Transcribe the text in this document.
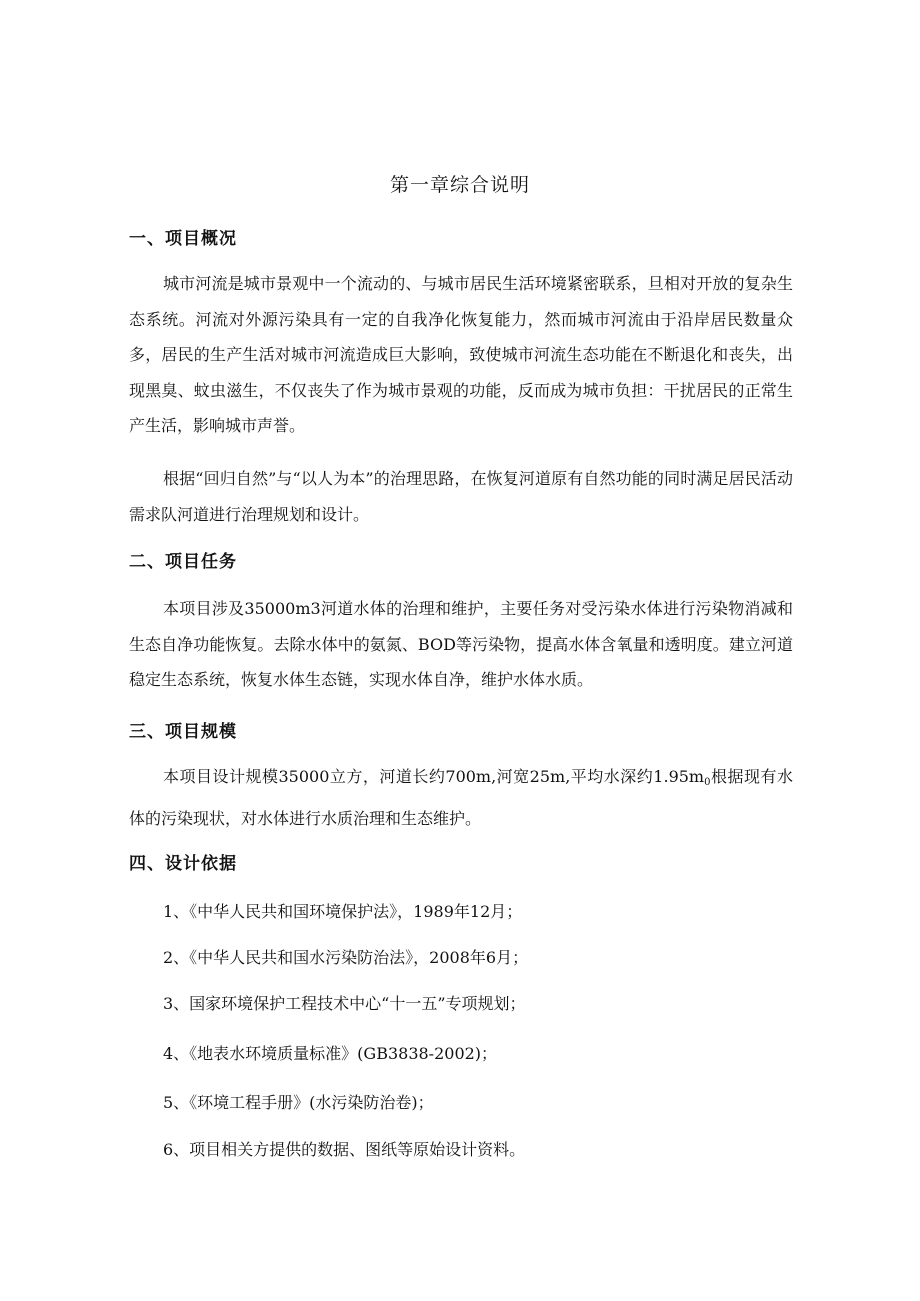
第一章综合说明
一、项目概况

城市河流是城市景观中一个流动的、与城市居民生活环境紧密联系，旦相对开放的复杂生态系统。河流对外源污染具有一定的自我净化恢复能力，然而城市河流由于沿岸居民数量众多，居民的生产生活对城市河流造成巨大影响，致使城市河流生态功能在不断退化和丧失，出现黑臭、蚊虫滋生，不仅丧失了作为城市景观的功能，反而成为城市负担：干扰居民的正常生产生活，影响城市声誉。

根据“回归自然”与“以人为本”的治理思路，在恢复河道原有自然功能的同时满足居民活动需求队河道进行治理规划和设计。

二、项目任务

本项目涉及35000m3河道水体的治理和维护，主要任务对受污染水体进行污染物消减和生态自净功能恢复。去除水体中的氨氮、BOD等污染物，提高水体含氧量和透明度。建立河道稳定生态系统，恢复水体生态链，实现水体自净，维护水体水质。

三、项目规模

本项目设计规模35000立方，河道长约700m,河宽25m,平均水深约1.95m0根据现有水体的污染现状，对水体进行水质治理和生态维护。

四、设计依据
1、《中华人民共和国环境保护法》，1989年12月；
2、《中华人民共和国水污染防治法》，2008年6月；
3、国家环境保护工程技术中心“十一五”专项规划；
4、《地表水环境质量标准》(GB3838-2002)；
5、《环境工程手册》(水污染防治卷)；
6、项目相关方提供的数据、图纸等原始设计资料。
